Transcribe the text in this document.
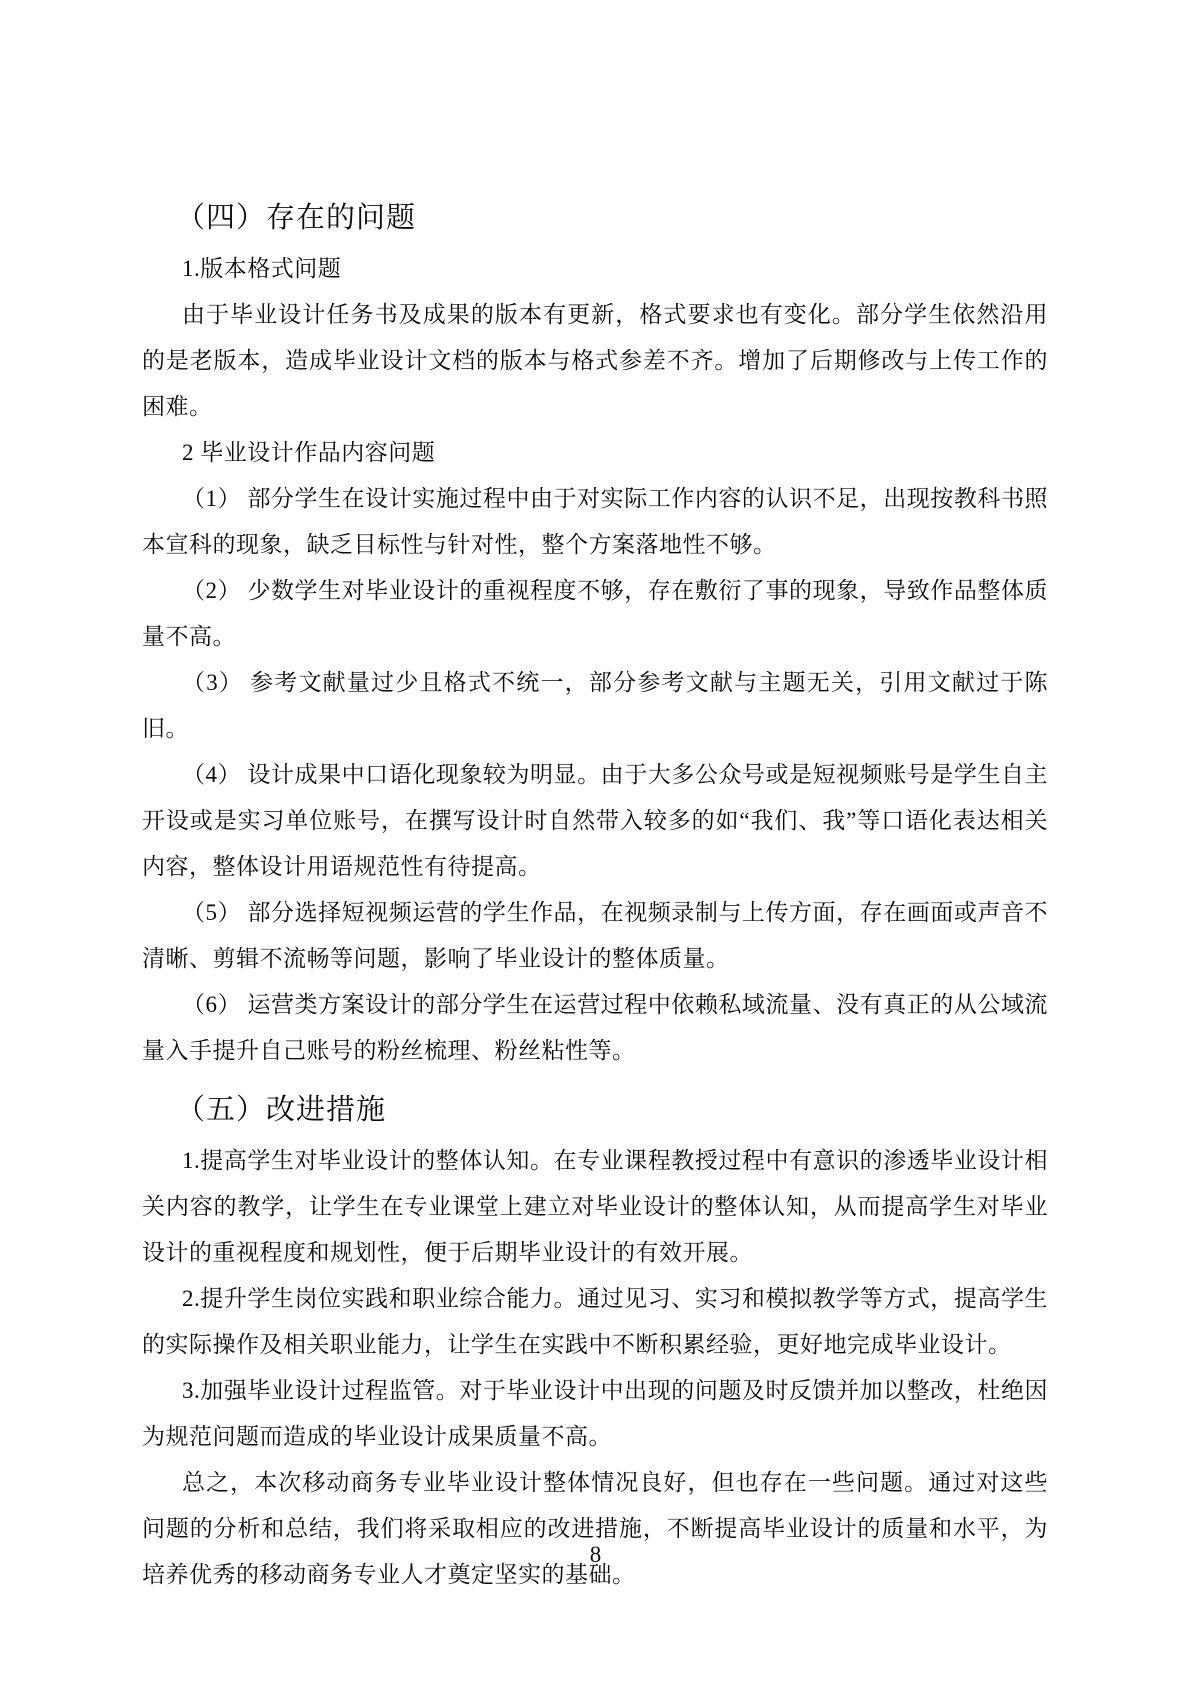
（四）存在的问题

1.版本格式问题

由于毕业设计任务书及成果的版本有更新，格式要求也有变化。部分学生依然沿用的是老版本，造成毕业设计文档的版本与格式参差不齐。增加了后期修改与上传工作的困难。

2 毕业设计作品内容问题

（1） 部分学生在设计实施过程中由于对实际工作内容的认识不足，出现按教科书照本宣科的现象，缺乏目标性与针对性，整个方案落地性不够。

（2） 少数学生对毕业设计的重视程度不够，存在敷衍了事的现象，导致作品整体质量不高。

（3） 参考文献量过少且格式不统一，部分参考文献与主题无关，引用文献过于陈旧。

（4） 设计成果中口语化现象较为明显。由于大多公众号或是短视频账号是学生自主开设或是实习单位账号，在撰写设计时自然带入较多的如“我们、我”等口语化表达相关内容，整体设计用语规范性有待提高。

（5） 部分选择短视频运营的学生作品，在视频录制与上传方面，存在画面或声音不清晰、剪辑不流畅等问题，影响了毕业设计的整体质量。

（6） 运营类方案设计的部分学生在运营过程中依赖私域流量、没有真正的从公域流量入手提升自己账号的粉丝梳理、粉丝粘性等。

（五）改进措施

1.提高学生对毕业设计的整体认知。在专业课程教授过程中有意识的渗透毕业设计相关内容的教学，让学生在专业课堂上建立对毕业设计的整体认知，从而提高学生对毕业设计的重视程度和规划性，便于后期毕业设计的有效开展。

2.提升学生岗位实践和职业综合能力。通过见习、实习和模拟教学等方式，提高学生的实际操作及相关职业能力，让学生在实践中不断积累经验，更好地完成毕业设计。

3.加强毕业设计过程监管。对于毕业设计中出现的问题及时反馈并加以整改，杜绝因为规范问题而造成的毕业设计成果质量不高。

总之，本次移动商务专业毕业设计整体情况良好，但也存在一些问题。通过对这些问题的分析和总结，我们将采取相应的改进措施，不断提高毕业设计的质量和水平，为培养优秀的移动商务专业人才奠定坚实的基础。

8
